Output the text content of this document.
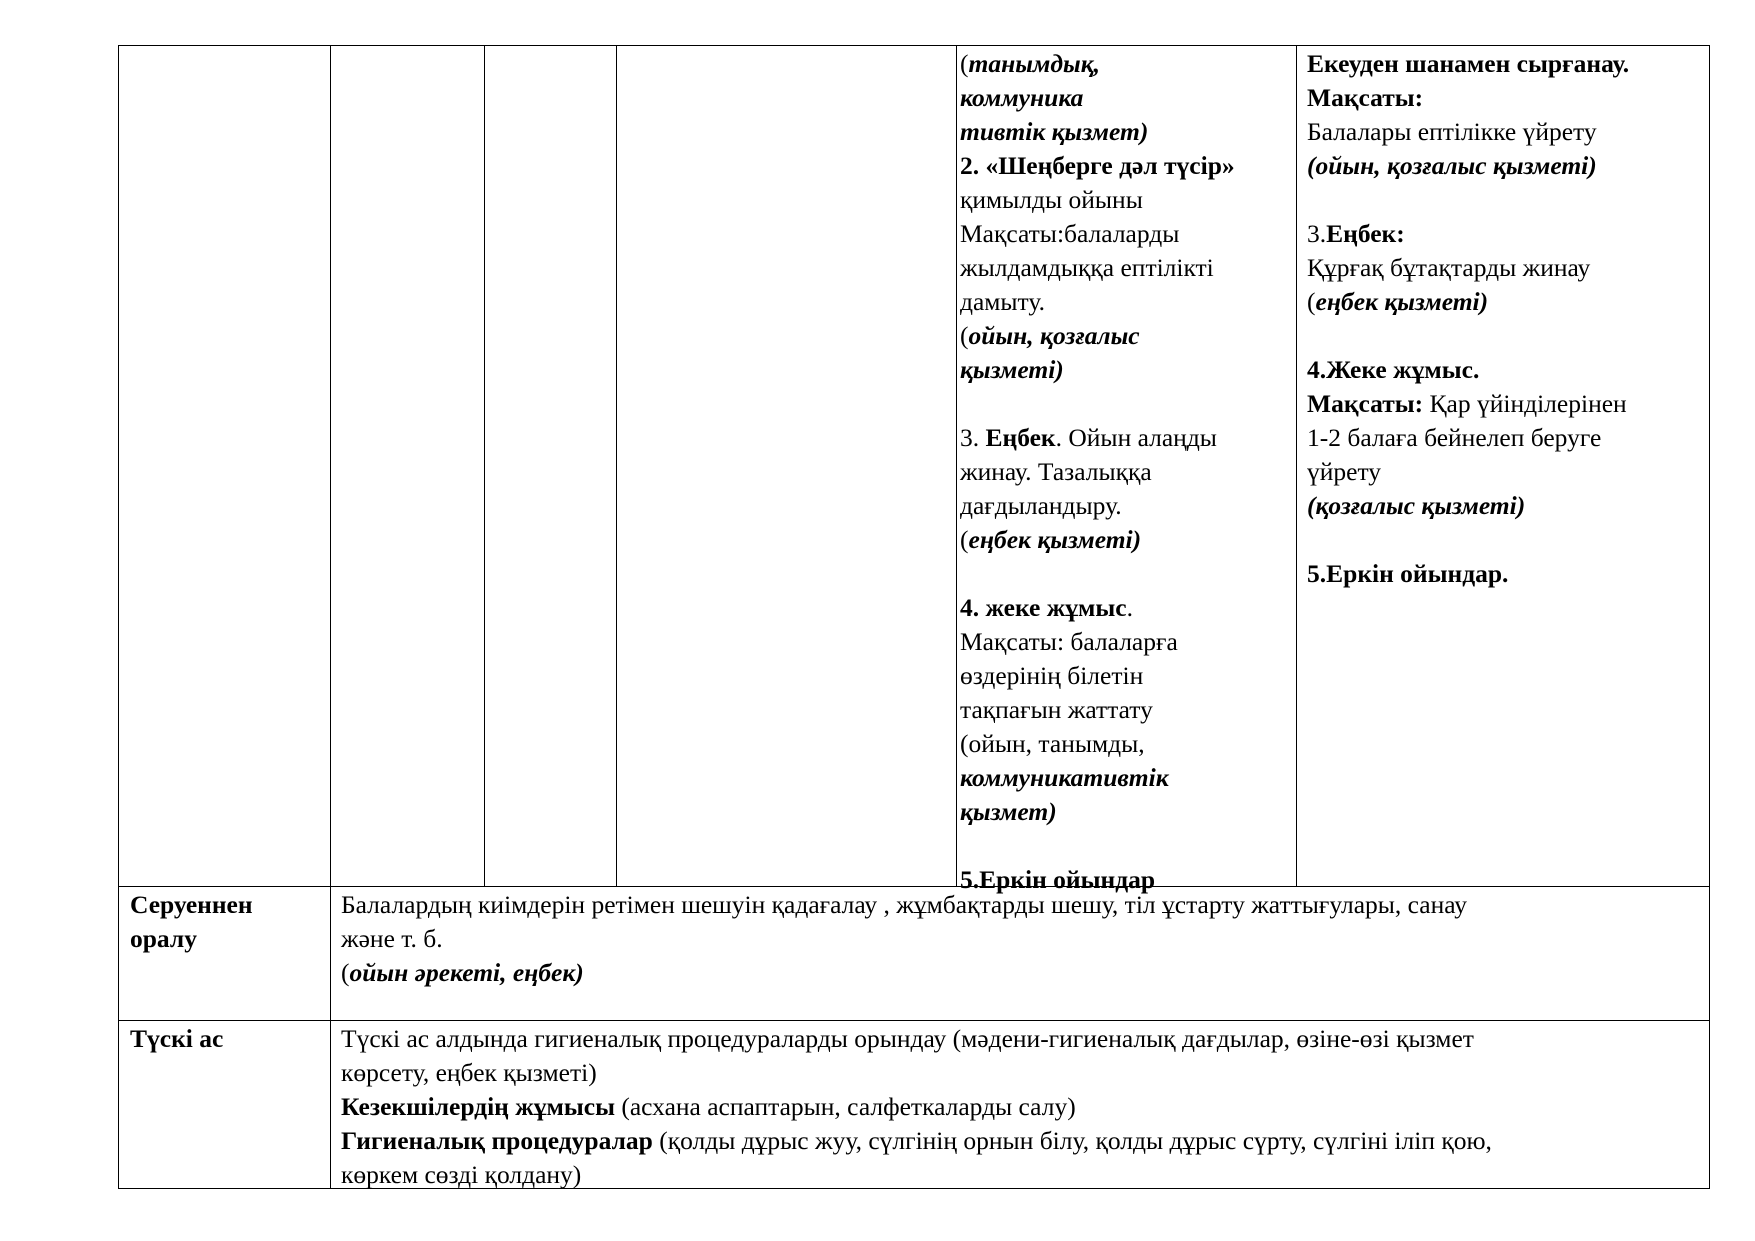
(танымдық,
коммуника
тивтік қызмет)
2. «Шеңберге дәл түсір»
қимылды ойыны
Мақсаты:балаларды
жылдамдыққа ептілікті
дамыту.
(ойын, қозғалыс
қызметі)
3. Еңбек. Ойын алаңды
жинау. Тазалыққа
дағдыландыру.
(еңбек қызметі)
4. жеке жұмыс.
Мақсаты: балаларға
өздерінің білетін
тақпағын жаттату
(ойын, танымды,
коммуникативтік
қызмет)
5.Еркін ойындар
Екеуден шанамен сырғанау.
Мақсаты:
Балалары ептілікке үйрету
(ойын, қозғалыс қызметі)
3.Еңбек:
Құрғақ бұтақтарды жинау
(еңбек қызметі)
4.Жеке жұмыс.
Мақсаты: Қар үйінділерінен
1-2 балаға бейнелеп беруге
үйрету
(қозғалыс қызметі)
5.Еркін ойындар.
Серуеннен
оралу
Балалардың киімдерін ретімен шешуін қадағалау , жұмбақтарды шешу, тіл ұстарту жаттығулары, санау
және т. б.
(ойын әрекеті, еңбек)
Түскі ас	Түскі ас алдында гигиеналық процедураларды орындау (мәдени-гигиеналық дағдылар, өзіне-өзі қызмет
көрсету, еңбек қызметі)
Кезекшілердің жұмысы (асхана аспаптарын, салфеткаларды салу)
Гигиеналық процедуралар (қолды дұрыс жуу, сүлгінің орнын білу, қолды дұрыс сүрту, сүлгіні іліп қою,
көркем сөзді қолдану)
